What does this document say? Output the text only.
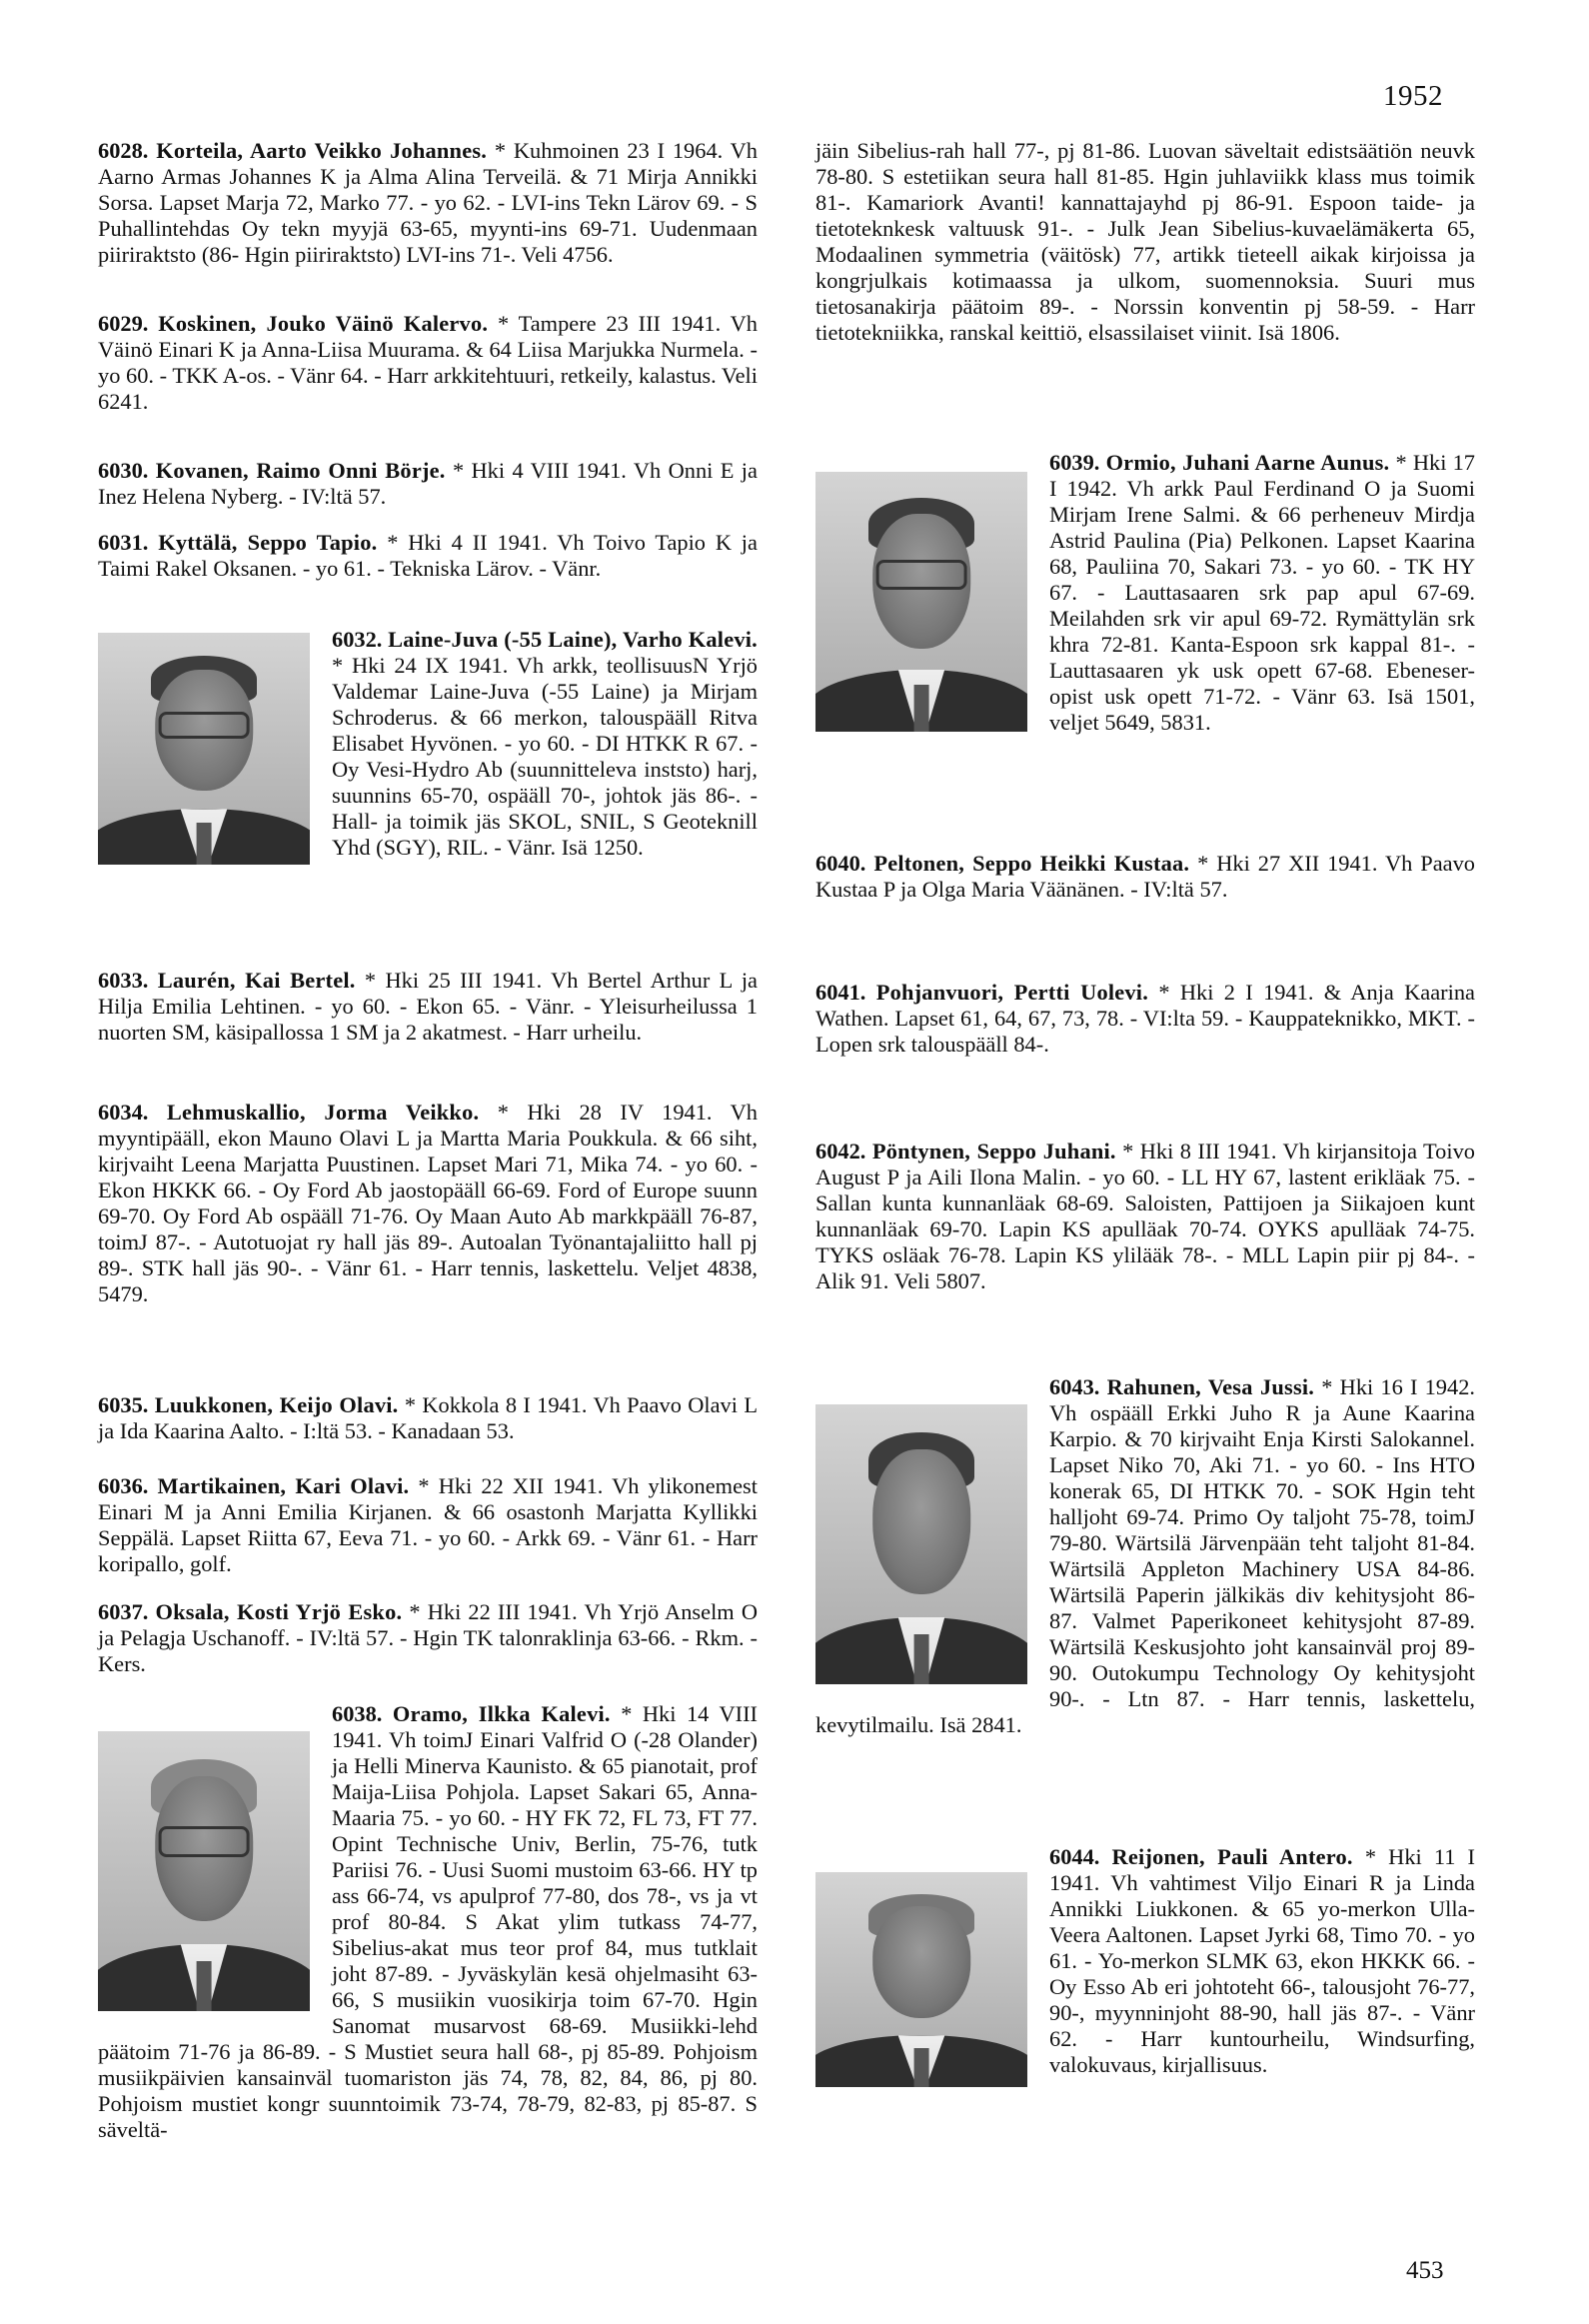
1952

6028. Korteila, Aarto Veikko Johannes. * Kuhmoinen 23 I 1964. Vh Aarno Armas Johannes K ja Alma Alina Terveilä. & 71 Mirja Annikki Sorsa. Lapset Marja 72, Marko 77. - yo 62. - LVI-ins Tekn Lärov 69. - S Puhallintehdas Oy tekn myyjä 63-65, myynti-ins 69-71. Uudenmaan piiriraktsto (86- Hgin piiriraktsto) LVI-ins 71-. Veli 4756.

6029. Koskinen, Jouko Väinö Kalervo. * Tampere 23 III 1941. Vh Väinö Einari K ja Anna-Liisa Muurama. & 64 Liisa Marjukka Nurmela. - yo 60. - TKK A-os. - Vänr 64. - Harr arkkitehtuuri, retkeily, kalastus. Veli 6241.

6030. Kovanen, Raimo Onni Börje. * Hki 4 VIII 1941. Vh Onni E ja Inez Helena Nyberg. - IV:ltä 57.

6031. Kyttälä, Seppo Tapio. * Hki 4 II 1941. Vh Toivo Tapio K ja Taimi Rakel Oksanen. - yo 61. - Tekniska Lärov. - Vänr.

6032. Laine-Juva (-55 Laine), Varho Kalevi. * Hki 24 IX 1941. Vh arkk, teollisuusN Yrjö Valdemar Laine-Juva (-55 Laine) ja Mirjam Schroderus. & 66 merkon, talouspääll Ritva Elisabet Hyvönen. - yo 60. - DI HTKK R 67. - Oy Vesi-Hydro Ab (suunnitteleva inststo) harj, suunnins 65-70, ospääll 70-, johtok jäs 86-. - Hall- ja toimik jäs SKOL, SNIL, S Geoteknill Yhd (SGY), RIL. - Vänr. Isä 1250.

6033. Laurén, Kai Bertel. * Hki 25 III 1941. Vh Bertel Arthur L ja Hilja Emilia Lehtinen. - yo 60. - Ekon 65. - Vänr. - Yleisurheilussa 1 nuorten SM, käsipallossa 1 SM ja 2 akatmest. - Harr urheilu.

6034. Lehmuskallio, Jorma Veikko. * Hki 28 IV 1941. Vh myyntipääll, ekon Mauno Olavi L ja Martta Maria Poukkula. & 66 siht, kirjvaiht Leena Marjatta Puustinen. Lapset Mari 71, Mika 74. - yo 60. - Ekon HKKK 66. - Oy Ford Ab jaostopääll 66-69. Ford of Europe suunn 69-70. Oy Ford Ab ospääll 71-76. Oy Maan Auto Ab markkpääll 76-87, toimJ 87-. - Autotuojat ry hall jäs 89-. Autoalan Työnantajaliitto hall pj 89-. STK hall jäs 90-. - Vänr 61. - Harr tennis, laskettelu. Veljet 4838, 5479.

6035. Luukkonen, Keijo Olavi. * Kokkola 8 I 1941. Vh Paavo Olavi L ja Ida Kaarina Aalto. - I:ltä 53. - Kanadaan 53.

6036. Martikainen, Kari Olavi. * Hki 22 XII 1941. Vh ylikonemest Einari M ja Anni Emilia Kirjanen. & 66 osastonh Marjatta Kyllikki Seppälä. Lapset Riitta 67, Eeva 71. - yo 60. - Arkk 69. - Vänr 61. - Harr koripallo, golf.

6037. Oksala, Kosti Yrjö Esko. * Hki 22 III 1941. Vh Yrjö Anselm O ja Pelagja Uschanoff. - IV:ltä 57. - Hgin TK talonraklinja 63-66. - Rkm. - Kers.

6038. Oramo, Ilkka Kalevi. * Hki 14 VIII 1941. Vh toimJ Einari Valfrid O (-28 Olander) ja Helli Minerva Kaunisto. & 65 pianotait, prof Maija-Liisa Pohjola. Lapset Sakari 65, Anna-Maaria 75. - yo 60. - HY FK 72, FL 73, FT 77. Opint Technische Univ, Berlin, 75-76, tutk Pariisi 76. - Uusi Suomi mustoim 63-66. HY tp ass 66-74, vs apulprof 77-80, dos 78-, vs ja vt prof 80-84. S Akat ylim tutkass 74-77, Sibelius-akat mus teor prof 84, mus tutklait joht 87-89. - Jyväskylän kesä ohjelmasiht 63-66, S musiikin vuosikirja toim 67-70. Hgin Sanomat musarvost 68-69. Musiikki-lehd päätoim 71-76 ja 86-89. - S Mustiet seura hall 68-, pj 85-89. Pohjoism musiikpäivien kansainväl tuomariston jäs 74, 78, 82, 84, 86, pj 80. Pohjoism mustiet kongr suunntoimik 73-74, 78-79, 82-83, pj 85-87. S säveltä-

jäin Sibelius-rah hall 77-, pj 81-86. Luovan säveltait edistsäätiön neuvk 78-80. S estetiikan seura hall 81-85. Hgin juhlaviikk klass mus toimik 81-. Kamariork Avanti! kannattajayhd pj 86-91. Espoon taide- ja tietoteknkesk valtuusk 91-. - Julk Jean Sibelius-kuvaelämäkerta 65, Modaalinen symmetria (väitösk) 77, artikk tieteell aikak kirjoissa ja kongrjulkais kotimaassa ja ulkom, suomennoksia. Suuri mus tietosanakirja päätoim 89-. - Norssin konventin pj 58-59. - Harr tietotekniikka, ranskal keittiö, elsassilaiset viinit. Isä 1806.

6039. Ormio, Juhani Aarne Aunus. * Hki 17 I 1942. Vh arkk Paul Ferdinand O ja Suomi Mirjam Irene Salmi. & 66 perheneuv Mirdja Astrid Paulina (Pia) Pelkonen. Lapset Kaarina 68, Pauliina 70, Sakari 73. - yo 60. - TK HY 67. - Lauttasaaren srk pap apul 67-69. Meilahden srk vir apul 69-72. Rymättylän srk khra 72-81. Kanta-Espoon srk kappal 81-. - Lauttasaaren yk usk opett 67-68. Ebeneser-opist usk opett 71-72. - Vänr 63. Isä 1501, veljet 5649, 5831.

6040. Peltonen, Seppo Heikki Kustaa. * Hki 27 XII 1941. Vh Paavo Kustaa P ja Olga Maria Väänänen. - IV:ltä 57.

6041. Pohjanvuori, Pertti Uolevi. * Hki 2 I 1941. & Anja Kaarina Wathen. Lapset 61, 64, 67, 73, 78. - VI:lta 59. - Kauppateknikko, MKT. - Lopen srk talouspääll 84-.

6042. Pöntynen, Seppo Juhani. * Hki 8 III 1941. Vh kirjansitoja Toivo August P ja Aili Ilona Malin. - yo 60. - LL HY 67, lastent erikläak 75. - Sallan kunta kunnanläak 68-69. Saloisten, Pattijoen ja Siikajoen kunt kunnanläak 69-70. Lapin KS apulläak 70-74. OYKS apulläak 74-75. TYKS osläak 76-78. Lapin KS ylilääk 78-. - MLL Lapin piir pj 84-. - Alik 91. Veli 5807.

6043. Rahunen, Vesa Jussi. * Hki 16 I 1942. Vh ospääll Erkki Juho R ja Aune Kaarina Karpio. & 70 kirjvaiht Enja Kirsti Salokannel. Lapset Niko 70, Aki 71. - yo 60. - Ins HTO konerak 65, DI HTKK 70. - SOK Hgin teht halljoht 69-74. Primo Oy taljoht 75-78, toimJ 79-80. Wärtsilä Järvenpään teht taljoht 81-84. Wärtsilä Appleton Machinery USA 84-86. Wärtsilä Paperin jälkikäs div kehitysjoht 86-87. Valmet Paperikoneet kehitysjoht 87-89. Wärtsilä Keskusjohto joht kansainväl proj 89-90. Outokumpu Technology Oy kehitysjoht 90-. - Ltn 87. - Harr tennis, laskettelu, kevytilmailu. Isä 2841.

6044. Reijonen, Pauli Antero. * Hki 11 I 1941. Vh vahtimest Viljo Einari R ja Linda Annikki Liukkonen. & 65 yo-merkon Ulla-Veera Aaltonen. Lapset Jyrki 68, Timo 70. - yo 61. - Yo-merkon SLMK 63, ekon HKKK 66. - Oy Esso Ab eri johtoteht 66-, talousjoht 76-77, 90-, myynninjoht 88-90, hall jäs 87-. - Vänr 62. - Harr kuntourheilu, Windsurfing, valokuvaus, kirjallisuus.

453
